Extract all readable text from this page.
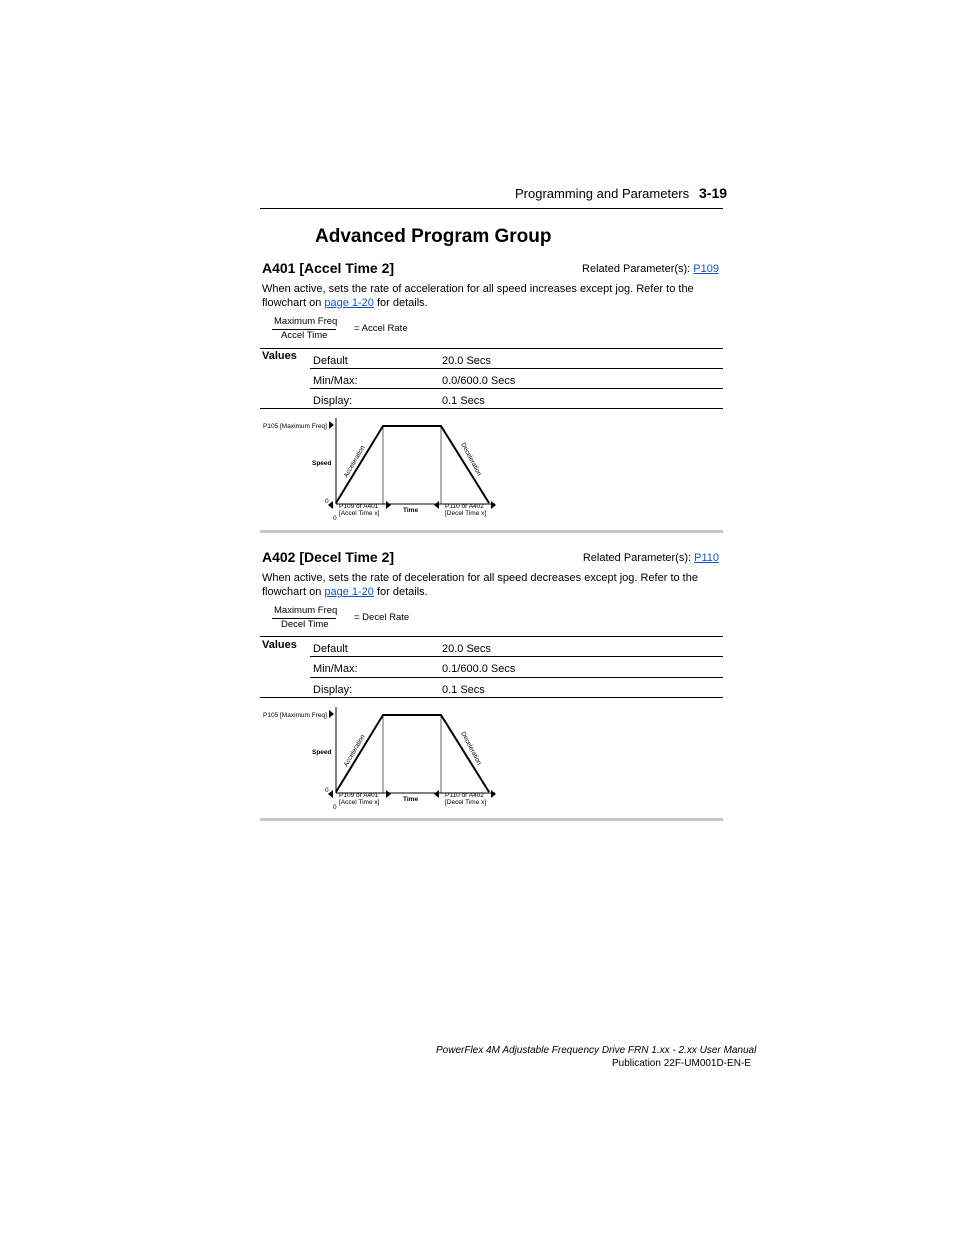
Programming and Parameters 3-19
Advanced Program Group
A401 [Accel Time 2]	Related Parameter(s): P109
When active, sets the rate of acceleration for all speed increases except jog. Refer to the flowchart on page 1-20 for details.
Maximum Freq
Accel Time
= Accel Rate
Values Default	20.0 Secs
Min/Max:	0.0/600.0 Secs
Display:	0.1 Secs
P105 [Maximum Freq]
Speed
0
0
Time
P109 or A401
[Accel Time x]
P110 or A402
[Decel Time x]
Acceleration	Deceleration
A402 [Decel Time 2]	Related Parameter(s): P110
When active, sets the rate of deceleration for all speed decreases except jog. Refer to the flowchart on page 1-20 for details.
Maximum Freq
Decel Time
= Decel Rate
Values Default	20.0 Secs
Min/Max:	0.1/600.0 Secs
Display:	0.1 Secs
P105 [Maximum Freq]
Speed
0
0
Time
P109 or A401
[Accel Time x]
P110 or A402
[Decel Time x]
Acceleration	Deceleration
PowerFlex 4M Adjustable Frequency Drive FRN 1.xx - 2.xx User Manual
Publication 22F-UM001D-EN-E
